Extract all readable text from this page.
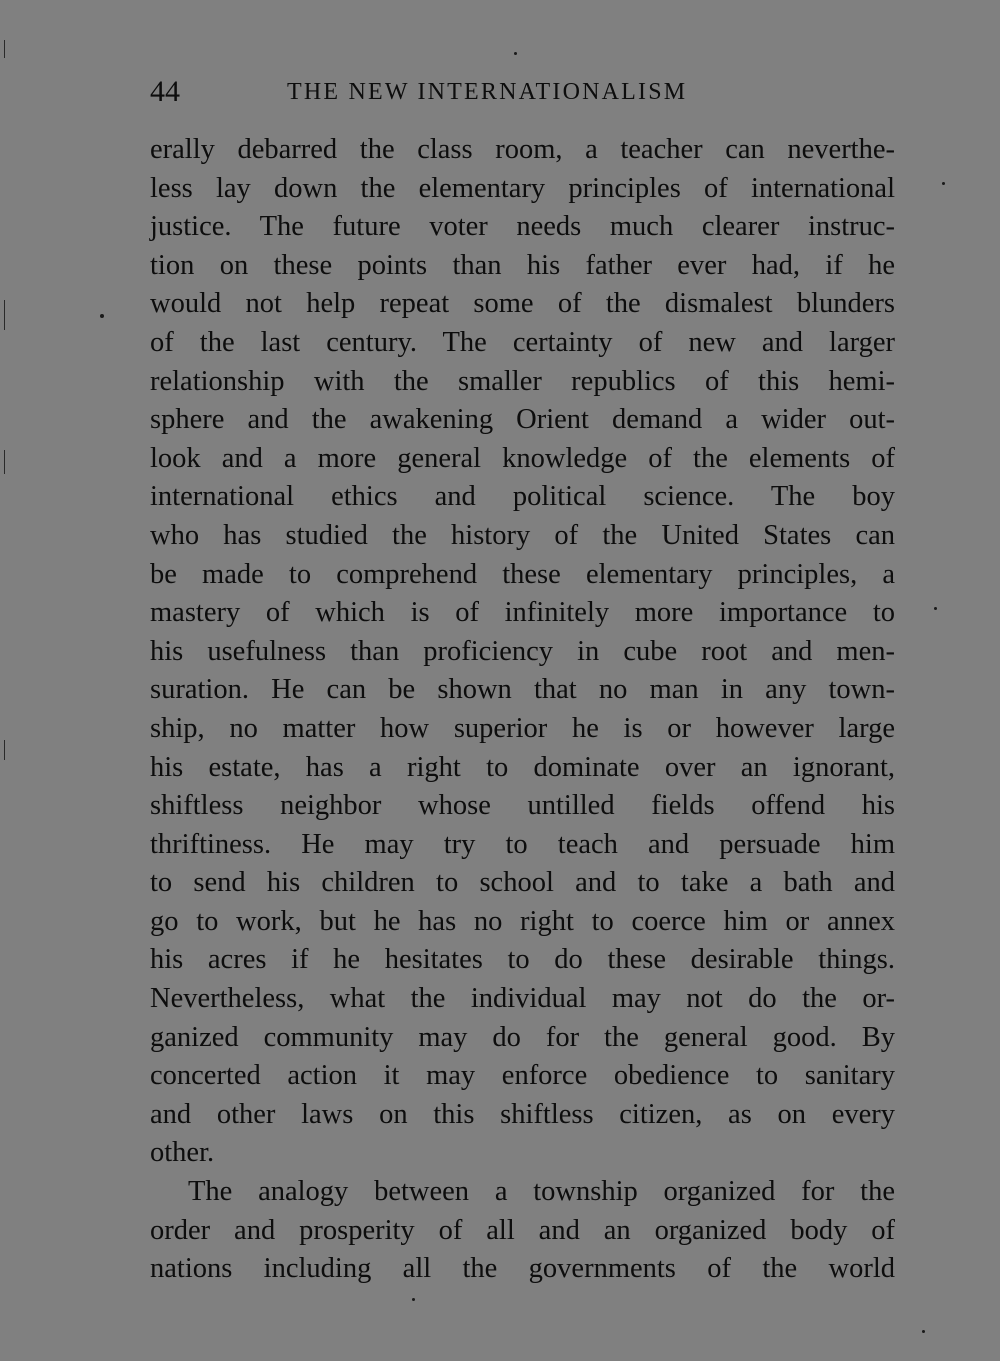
44	THE NEW INTERNATIONALISM
erally debarred the class room, a teacher can neverthe-
less lay down the elementary principles of international
justice. The future voter needs much clearer instruc-
tion on these points than his father ever had, if he
would not help repeat some of the dismalest blunders
of the last century. The certainty of new and larger
relationship with the smaller republics of this hemi-
sphere and the awakening Orient demand a wider out-
look and a more general knowledge of the elements of
international ethics and political science. The boy
who has studied the history of the United States can
be made to comprehend these elementary principles, a
mastery of which is of infinitely more importance to
his usefulness than proficiency in cube root and men-
suration. He can be shown that no man in any town-
ship, no matter how superior he is or however large
his estate, has a right to dominate over an ignorant,
shiftless neighbor whose untilled fields offend his
thriftiness. He may try to teach and persuade him
to send his children to school and to take a bath and
go to work, but he has no right to coerce him or annex
his acres if he hesitates to do these desirable things.
Nevertheless, what the individual may not do the or-
ganized community may do for the general good. By
concerted action it may enforce obedience to sanitary
and other laws on this shiftless citizen, as on every
other.
The analogy between a township organized for the
order and prosperity of all and an organized body of
nations including all the governments of the world
